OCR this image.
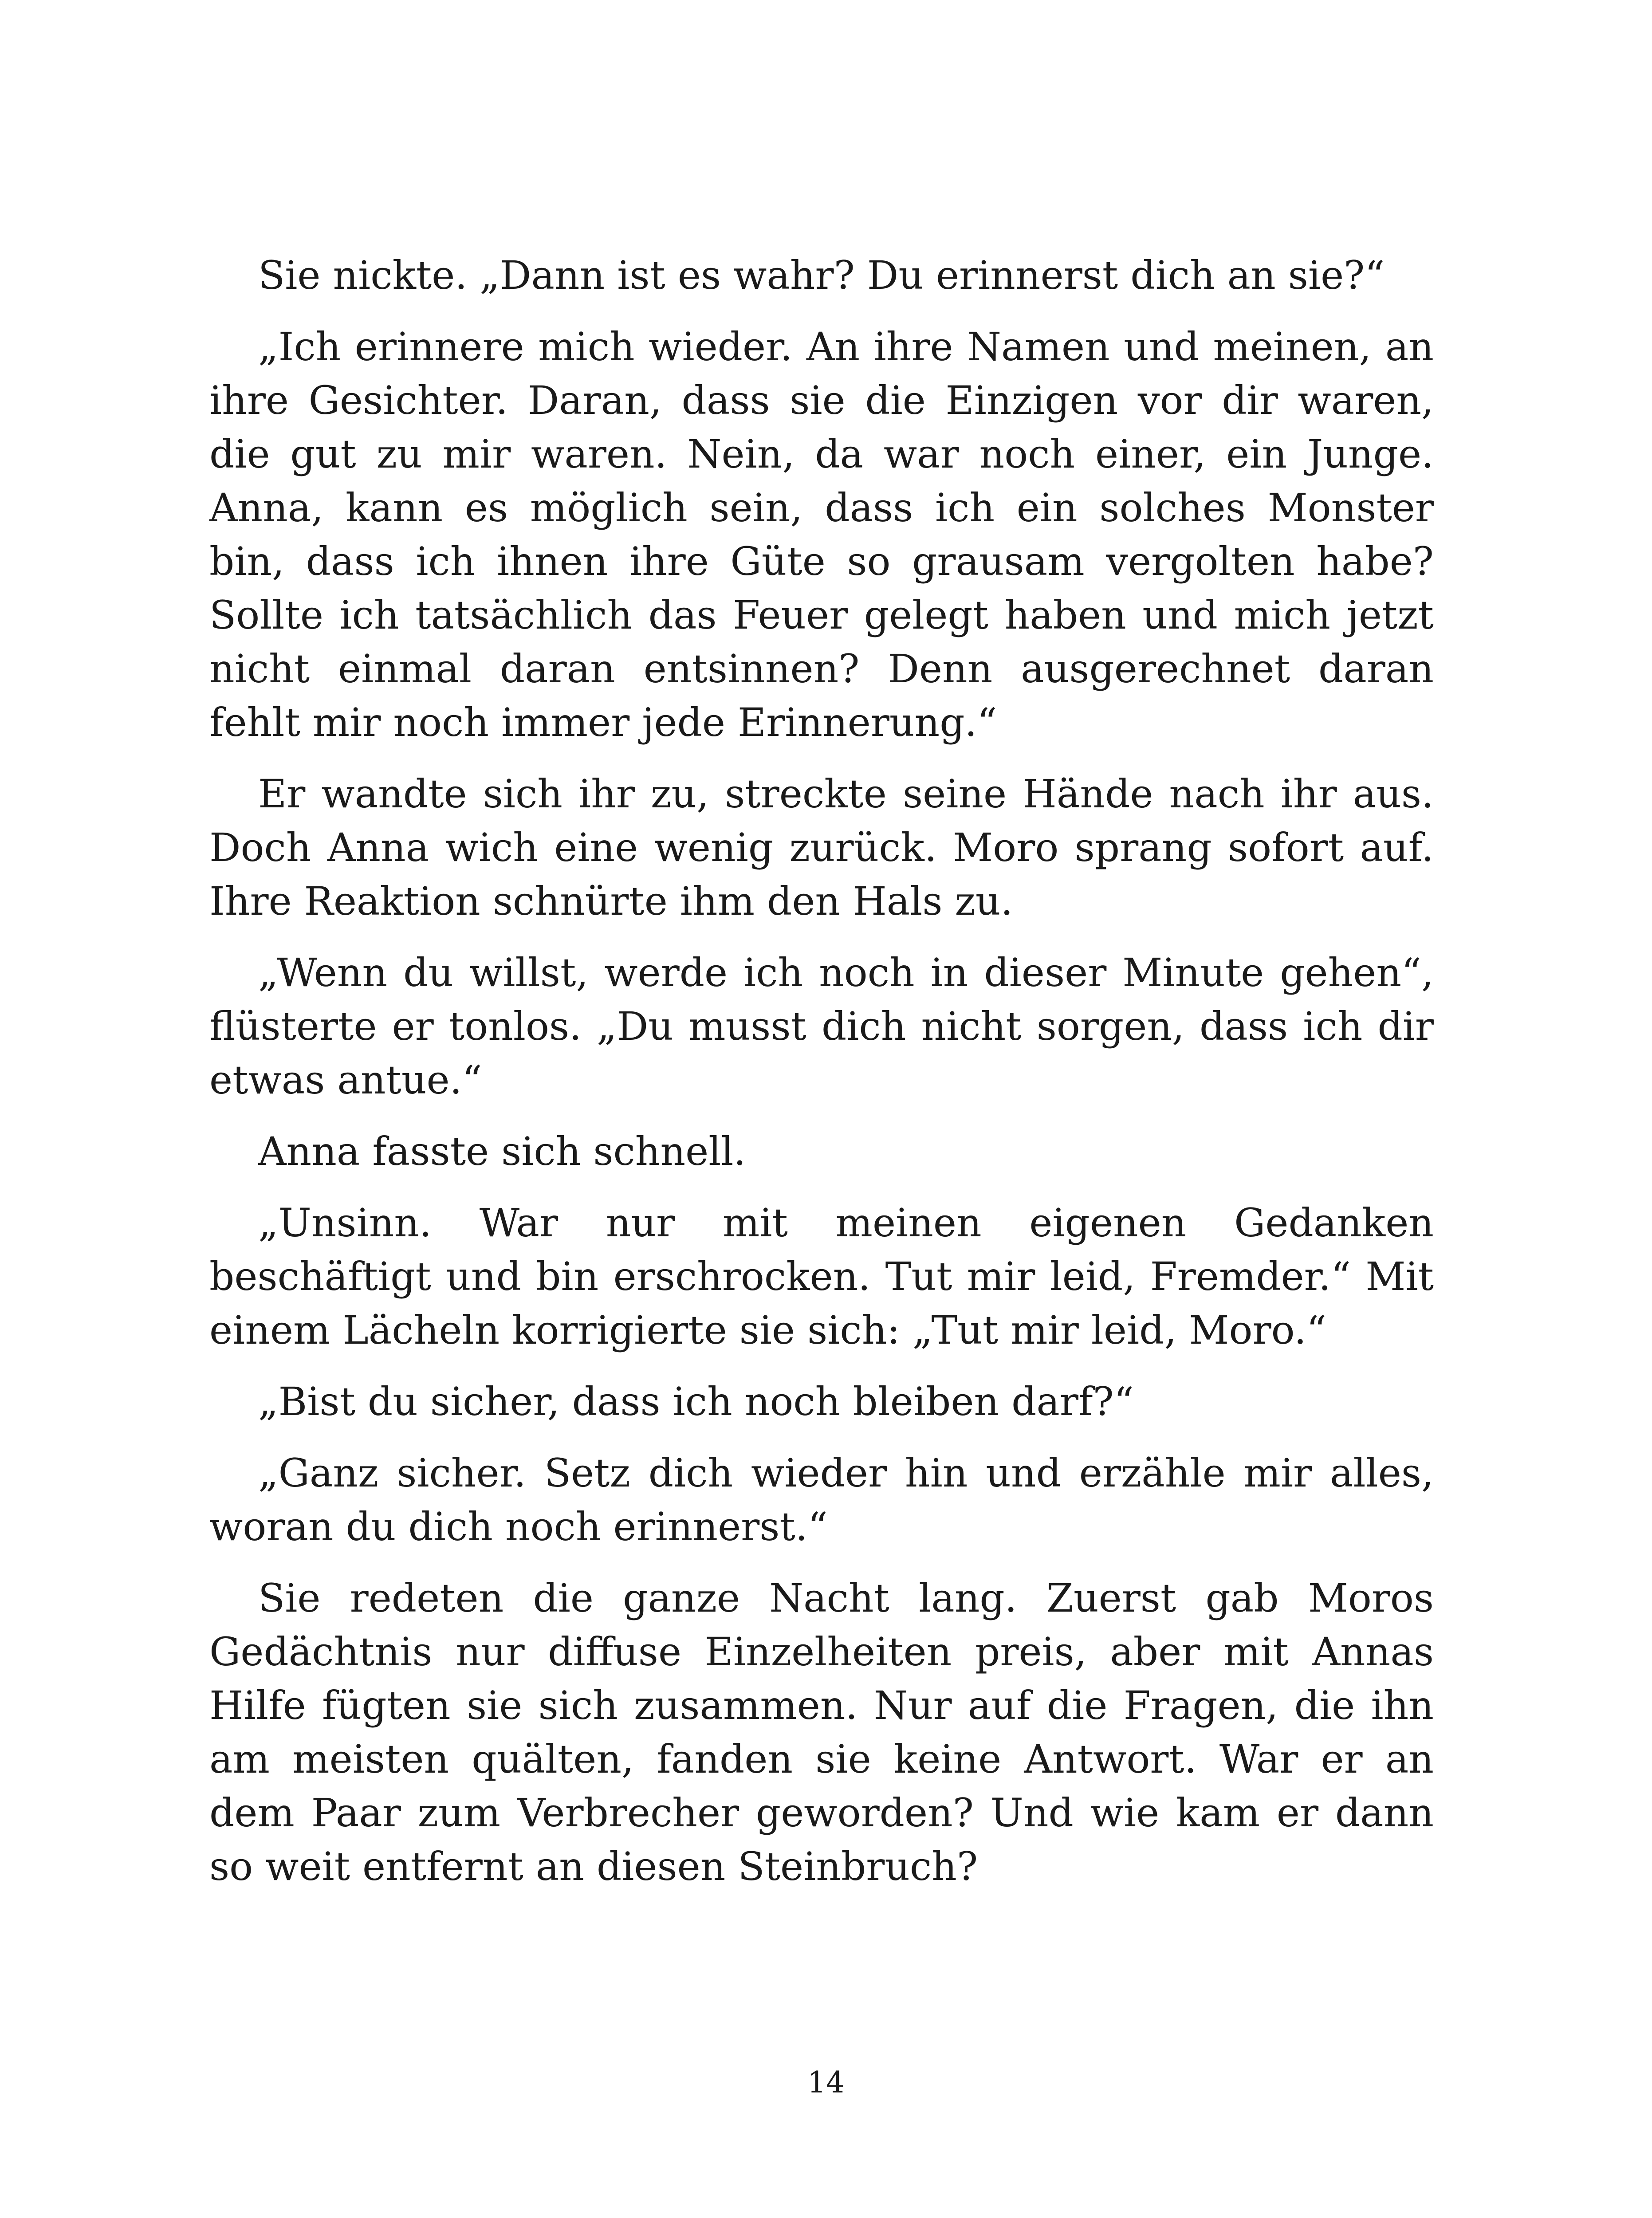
Sie nickte. „Dann ist es wahr? Du erinnerst dich an sie?“

„Ich erinnere mich wieder. An ihre Namen und meinen, an ihre Gesichter. Daran, dass sie die Einzigen vor dir waren, die gut zu mir waren. Nein, da war noch einer, ein Junge. Anna, kann es möglich sein, dass ich ein solches Monster bin, dass ich ihnen ihre Güte so grausam vergolten habe? Sollte ich tatsächlich das Feuer gelegt haben und mich jetzt nicht einmal daran entsinnen? Denn ausgerechnet daran fehlt mir noch immer jede Erinnerung.“

Er wandte sich ihr zu, streckte seine Hände nach ihr aus. Doch Anna wich eine wenig zurück. Moro sprang sofort auf. Ihre Reaktion schnürte ihm den Hals zu.

„Wenn du willst, werde ich noch in dieser Minute gehen“, flüsterte er tonlos. „Du musst dich nicht sorgen, dass ich dir etwas antue.“

Anna fasste sich schnell.

„Unsinn. War nur mit meinen eigenen Gedanken beschäftigt und bin erschrocken. Tut mir leid, Fremder.“ Mit einem Lächeln korrigierte sie sich: „Tut mir leid, Moro.“

„Bist du sicher, dass ich noch bleiben darf?“

„Ganz sicher. Setz dich wieder hin und erzähle mir alles, woran du dich noch erinnerst.“

Sie redeten die ganze Nacht lang. Zuerst gab Moros Gedächtnis nur diffuse Einzelheiten preis, aber mit Annas Hilfe fügten sie sich zusammen. Nur auf die Fragen, die ihn am meisten quälten, fanden sie keine Antwort. War er an dem Paar zum Verbrecher geworden? Und wie kam er dann so weit entfernt an diesen Steinbruch?

14
